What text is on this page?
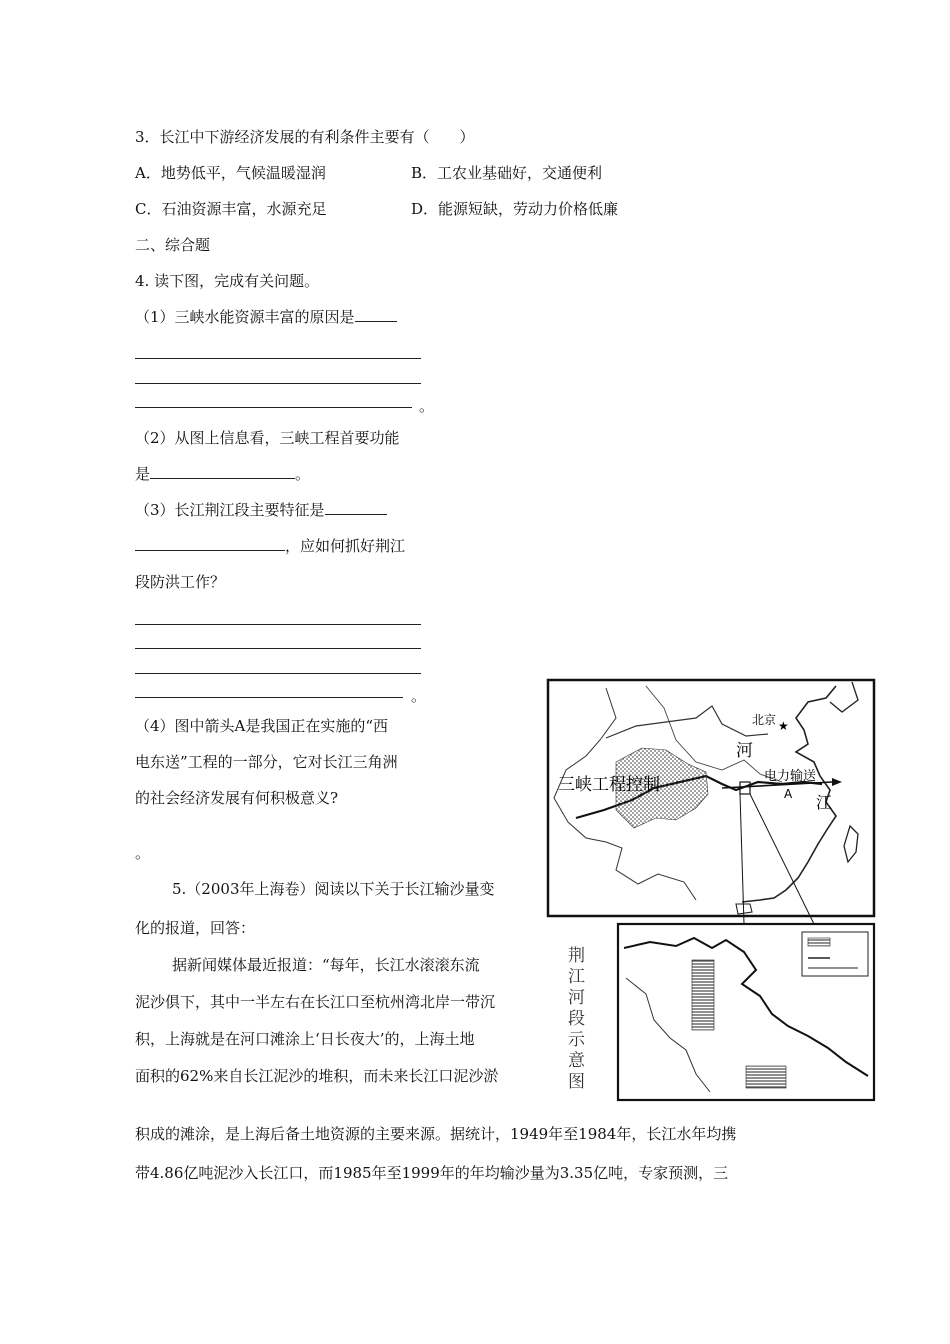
3．长江中下游经济发展的有利条件主要有（　　）
A．地势低平，气候温暖湿润	B．工农业基础好，交通便利
C．石油资源丰富，水源充足	D．能源短缺，劳动力价格低廉
二、综合题
4. 读下图，完成有关问题。
（1）三峡水能资源丰富的原因是
。
（2）从图上信息看，三峡工程首要功能
是	。
（3）长江荆江段主要特征是
，应如何抓好荆江
段防洪工作？
。
（4）图中箭头A是我国正在实施的“西
电东送”工程的一部分，它对长江三角洲
的社会经济发展有何积极意义?
。
5.（2003年上海卷）阅读以下关于长江输沙量变
化的报道，回答：
据新闻媒体最近报道：“每年，长江水滚滚东流
泥沙俱下，其中一半左右在长江口至杭州湾北岸一带沉
积，上海就是在河口滩涂上‘日长夜大’的，上海土地
面积的62%来自长江泥沙的堆积，而未来长江口泥沙淤
积成的滩涂，是上海后备土地资源的主要来源。据统计，1949年至1984年，长江水年均携
带4.86亿吨泥沙入长江口，而1985年至1999年的年均输沙量为3.35亿吨，专家预测，三
★
北京
河
三峡工程控制	电力输送
A 江
荆江河段示意图
